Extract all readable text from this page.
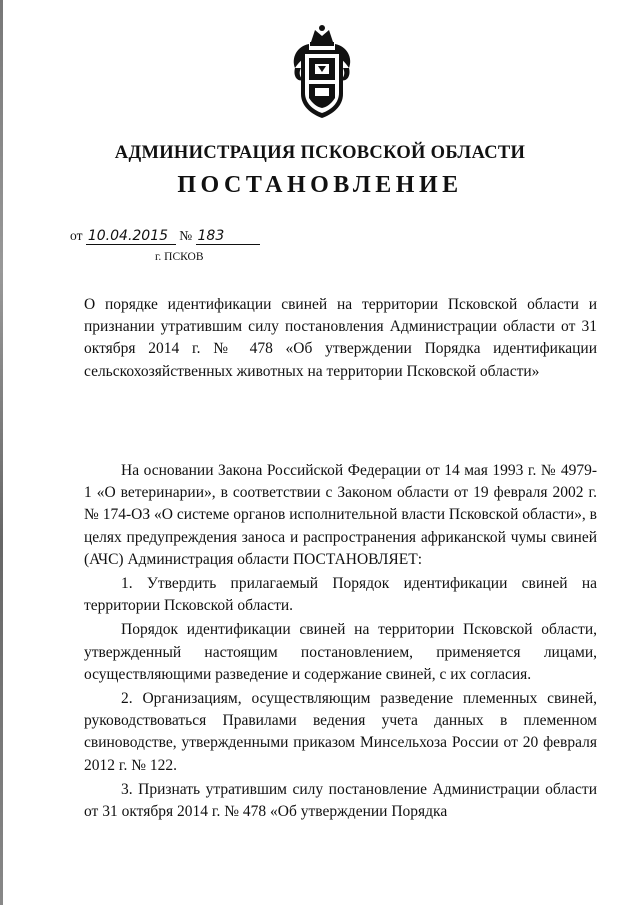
АДМИНИСТРАЦИЯ ПСКОВСКОЙ ОБЛАСТИ
ПОСТАНОВЛЕНИЕ
от 10.04.2015 № 183
г. ПСКОВ

О порядке идентификации свиней на территории Псковской области и признании утратившим силу постановления Администрации области от 31 октября 2014 г. № 478 «Об утверждении Порядка идентификации сельскохозяйственных животных на территории Псковской области»

На основании Закона Российской Федерации от 14 мая 1993 г. № 4979-1 «О ветеринарии», в соответствии с Законом области от 19 февраля 2002 г. № 174-ОЗ «О системе органов исполнительной власти Псковской области», в целях предупреждения заноса и распространения африканской чумы свиней (АЧС) Администрация области ПОСТАНОВЛЯЕТ:

1. Утвердить прилагаемый Порядок идентификации свиней на территории Псковской области.

Порядок идентификации свиней на территории Псковской области, утвержденный настоящим постановлением, применяется лицами, осуществляющими разведение и содержание свиней, с их согласия.

2. Организациям, осуществляющим разведение племенных свиней, руководствоваться Правилами ведения учета данных в племенном свиноводстве, утвержденными приказом Минсельхоза России от 20 февраля 2012 г. № 122.

3. Признать утратившим силу постановление Администрации области от 31 октября 2014 г. № 478 «Об утверждении Порядка
